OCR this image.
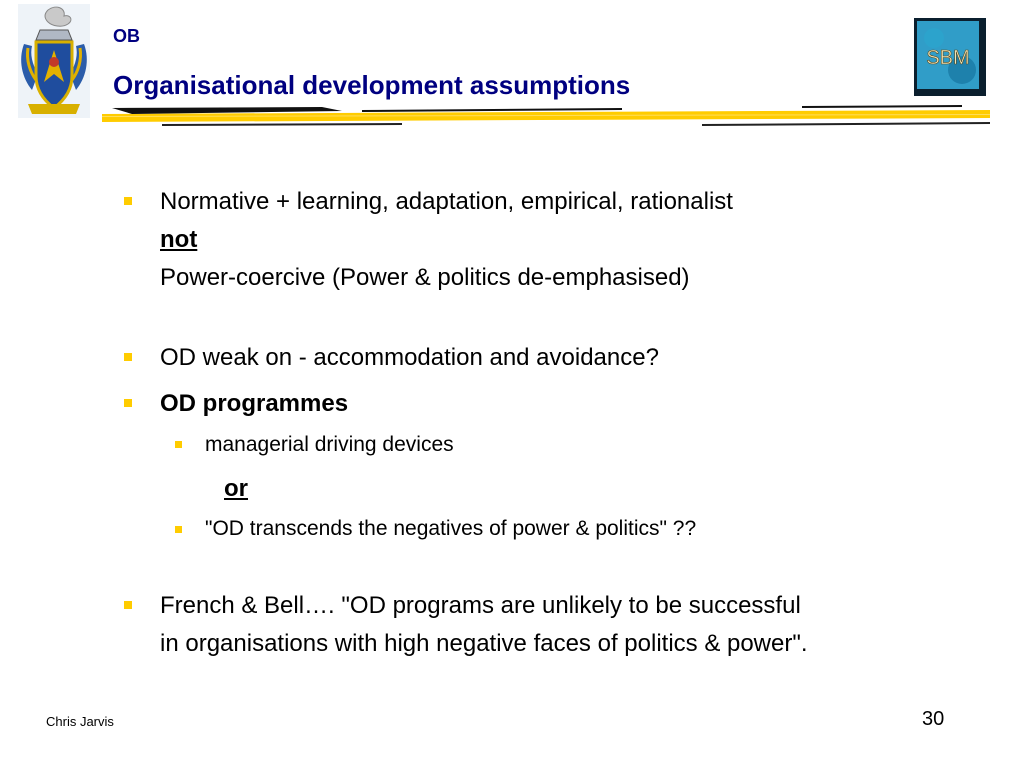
SBM
OB
Organisational development assumptions
Normative + learning, adaptation, empirical, rationalist
not
Power-coercive (Power & politics de-emphasised)
OD weak on - accommodation and avoidance?
OD programmes
managerial driving devices
or
"OD transcends the negatives of power & politics" ??
French & Bell…. "OD programs are unlikely to be successful
in organisations with high negative faces of politics & power".
Chris Jarvis	30
